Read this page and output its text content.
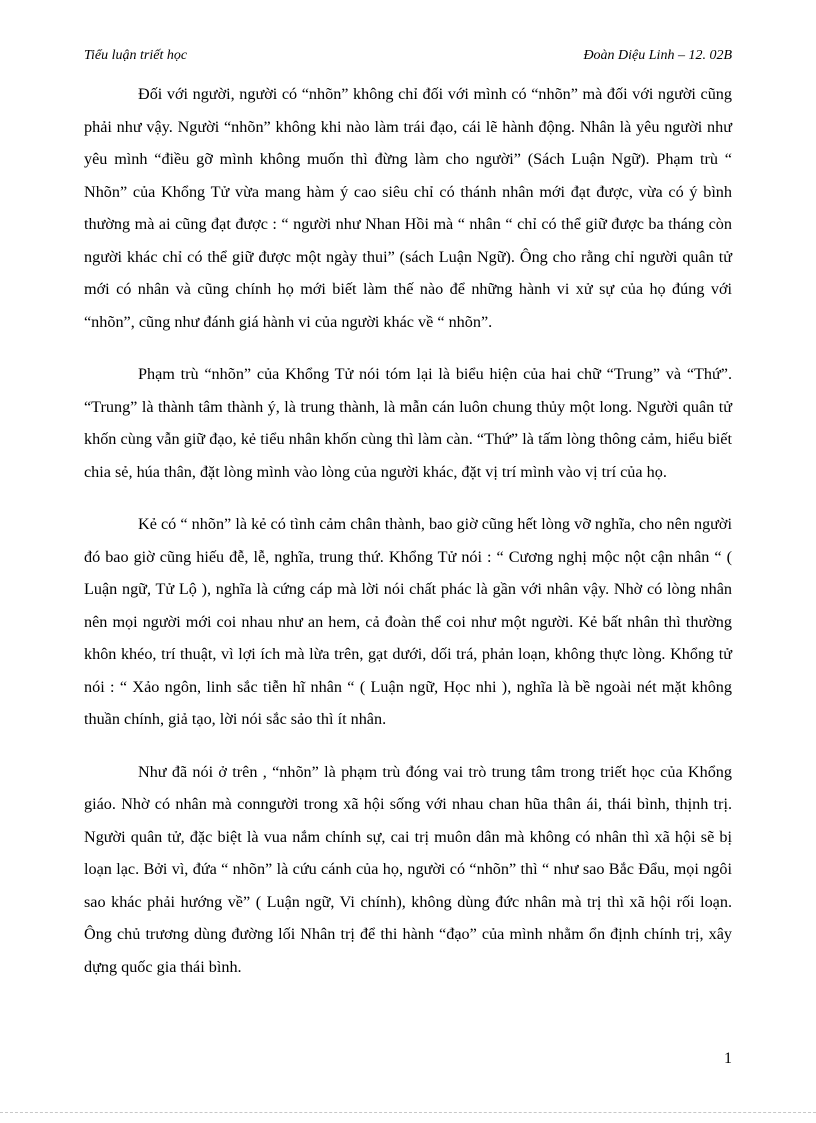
Tiểu luận triết học	Đoàn Diệu Linh – 12. 02B

Đối với người, người có “nhõn” không chỉ đối với mình có “nhõn” mà đối với người cũng phải như vậy. Người “nhõn” không khi nào làm trái đạo, cái lẽ hành động. Nhân là yêu người như yêu mình “điều gỡ mình không muốn thì đừng làm cho người” (Sách Luận Ngữ). Phạm trù “ Nhõn” của Khổng Tử vừa mang hàm ý cao siêu chỉ có thánh nhân mới đạt được, vừa có ý bình thường mà ai cũng đạt được : “ người như Nhan Hồi mà “ nhân “ chỉ có thể giữ được ba tháng còn người khác chỉ có thể giữ được một ngày thui” (sách Luận Ngữ). Ông cho rằng chỉ người quân tử mới có nhân và cũng chính họ mới biết làm thế nào để những hành vi xử sự của họ đúng với “nhõn”, cũng như đánh giá hành vi của người khác về “ nhõn”.

Phạm trù “nhõn” của Khổng Tử nói tóm lại là biểu hiện của hai chữ “Trung” và “Thứ”. “Trung” là thành tâm thành ý, là trung thành, là mẫn cán luôn chung thủy một long. Người quân tử khốn cùng vẫn giữ đạo, kẻ tiểu nhân khốn cùng thì làm càn. “Thứ” là tấm lòng thông cảm, hiểu biết chia sẻ, húa thân, đặt lòng mình vào lòng của người khác, đặt vị trí mình vào vị trí của họ.

Kẻ có “ nhõn” là kẻ có tình cảm chân thành, bao giờ cũng hết lòng vỡ nghĩa, cho nên người đó bao giờ cũng hiếu đễ, lễ, nghĩa, trung thứ. Khổng Tử nói : “ Cương nghị mộc nột cận nhân “ ( Luận ngữ, Tử Lộ ), nghĩa là cứng cáp mà lời nói chất phác là gần với nhân vậy. Nhờ có lòng nhân nên mọi người mới coi nhau như an hem, cả đoàn thể coi như một người. Kẻ bất nhân thì thường khôn khéo, trí thuật, vì lợi ích mà lừa trên, gạt dưới, dối trá, phản loạn, không thực lòng. Khổng tử nói : “ Xảo ngôn, linh sắc tiễn hĩ nhân “ ( Luận ngữ, Học nhi ), nghĩa là bề ngoài nét mặt không thuần chính, giả tạo, lời nói sắc sảo thì ít nhân.

Như đã nói ở trên , “nhõn” là phạm trù đóng vai trò trung tâm trong triết học của Khổng giáo. Nhờ có nhân mà conngười trong xã hội sống với nhau chan hũa thân ái, thái bình, thịnh trị. Người quân tử, đặc biệt là vua nắm chính sự, cai trị muôn dân mà không có nhân thì xã hội sẽ bị loạn lạc. Bởi vì, đứa “ nhõn” là cứu cánh của họ, người có “nhõn” thì “ như sao Bắc Đẩu, mọi ngôi sao khác phải hướng về” ( Luận ngữ, Vi chính), không dùng đức nhân mà trị thì xã hội rối loạn. Ông chủ trương dùng đường lối Nhân trị để thi hành “đạo” của mình nhằm ổn định chính trị, xây dựng quốc gia thái bình.

1
